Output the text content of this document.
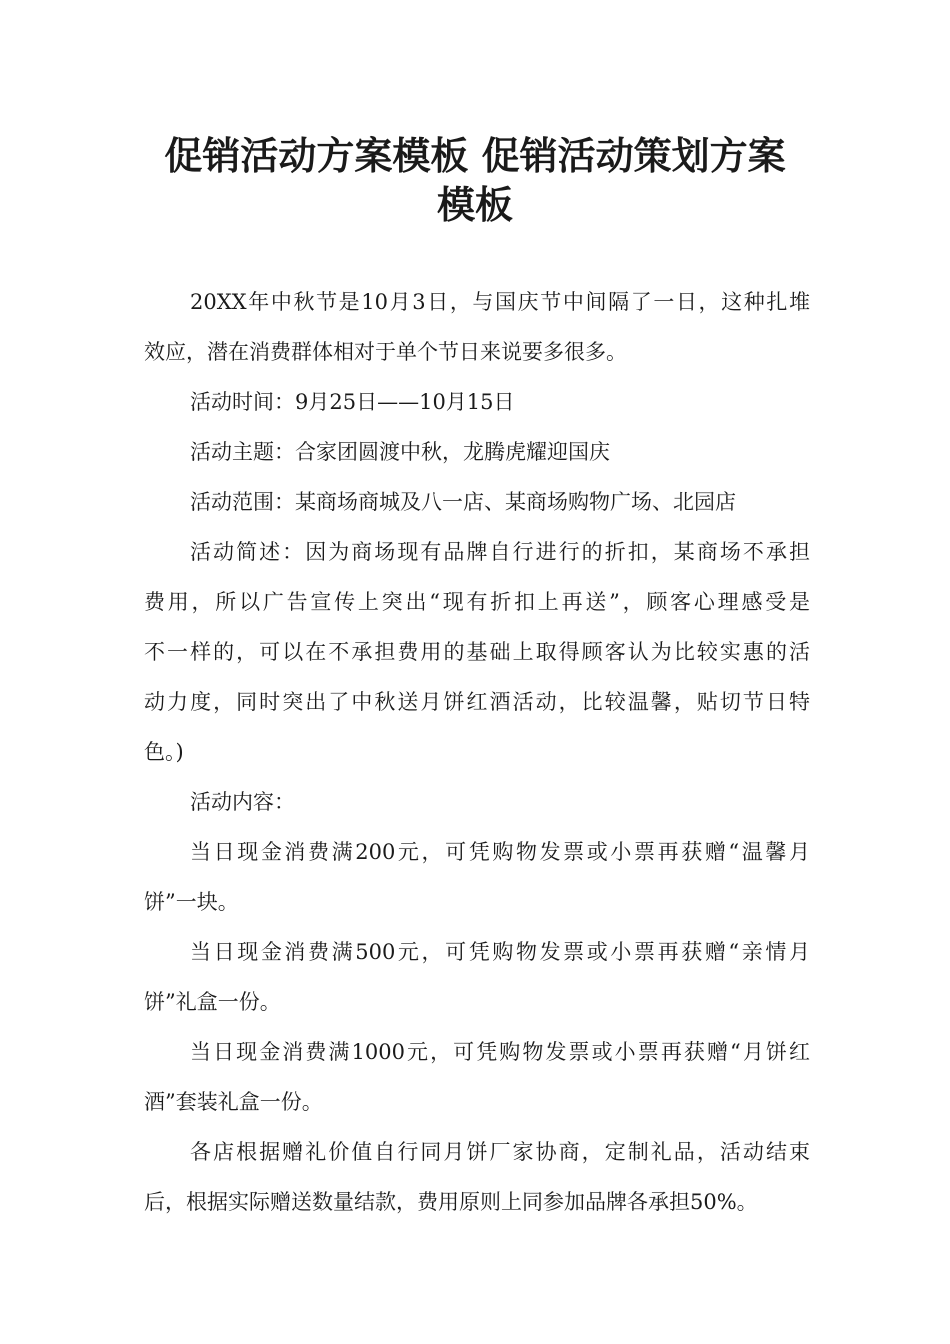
促销活动方案模板 促销活动策划方案
模板
20XX年中秋节是10月3日，与国庆节中间隔了一日，这种扎堆
效应，潜在消费群体相对于单个节日来说要多很多。
活动时间：9月25日——10月15日
活动主题：合家团圆渡中秋，龙腾虎耀迎国庆
活动范围：某商场商城及八一店、某商场购物广场、北园店
活动简述：因为商场现有品牌自行进行的折扣，某商场不承担
费用，所以广告宣传上突出“现有折扣上再送”，顾客心理感受是
不一样的，可以在不承担费用的基础上取得顾客认为比较实惠的活
动力度，同时突出了中秋送月饼红酒活动，比较温馨，贴切节日特
色。)
活动内容：
当日现金消费满200元，可凭购物发票或小票再获赠“温馨月
饼”一块。
当日现金消费满500元，可凭购物发票或小票再获赠“亲情月
饼”礼盒一份。
当日现金消费满1000元，可凭购物发票或小票再获赠“月饼红
酒”套装礼盒一份。
各店根据赠礼价值自行同月饼厂家协商，定制礼品，活动结束
后，根据实际赠送数量结款，费用原则上同参加品牌各承担50%。
